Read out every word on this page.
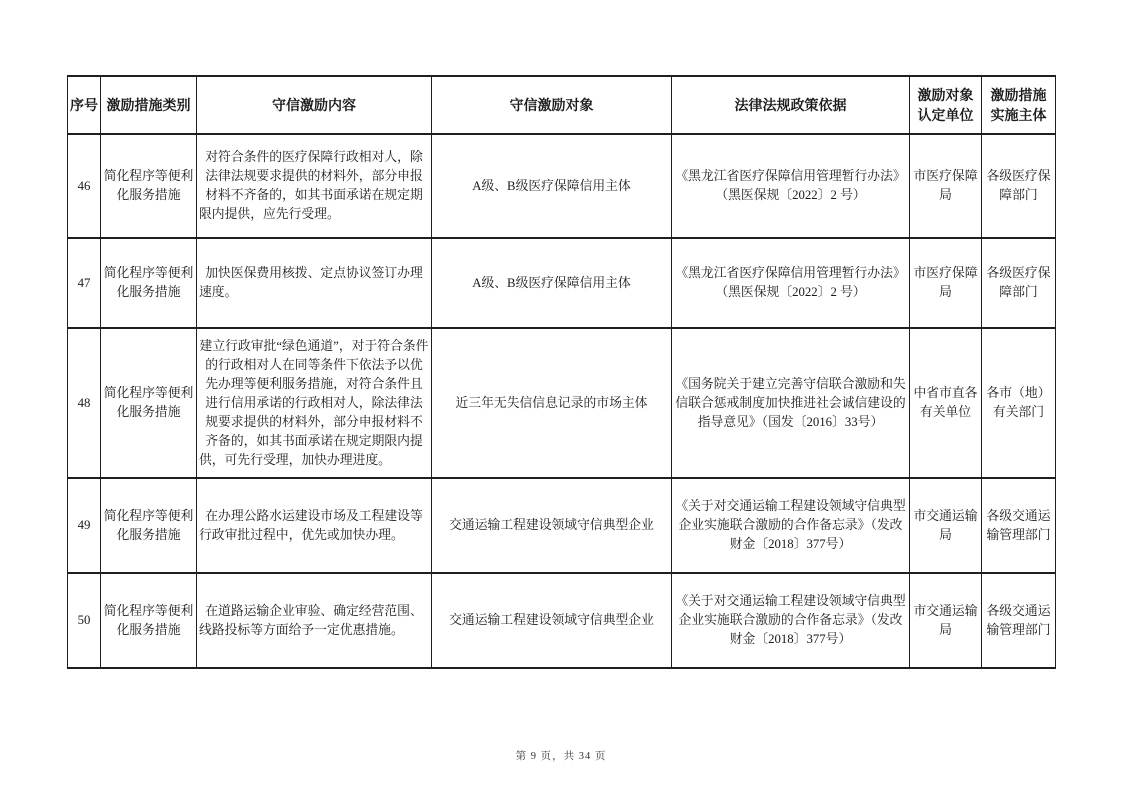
序号	激励措施类别	守信激励内容	守信激励对象	法律法规政策依据	激励对象认定单位	激励措施实施主体
46	简化程序等便利化服务措施	对符合条件的医疗保障行政相对人，除法律法规要求提供的材料外，部分申报材料不齐备的，如其书面承诺在规定期限内提供，应先行受理。	A级、B级医疗保障信用主体	《黑龙江省医疗保障信用管理暂行办法》（黑医保规〔2022〕2 号）	市医疗保障局	各级医疗保障部门
47	简化程序等便利化服务措施	加快医保费用核拨、定点协议签订办理速度。	A级、B级医疗保障信用主体	《黑龙江省医疗保障信用管理暂行办法》（黑医保规〔2022〕2 号）	市医疗保障局	各级医疗保障部门
48	简化程序等便利化服务措施	建立行政审批“绿色通道”，对于符合条件的行政相对人在同等条件下依法予以优先办理等便利服务措施，对符合条件且进行信用承诺的行政相对人，除法律法规要求提供的材料外，部分申报材料不齐备的，如其书面承诺在规定期限内提供，可先行受理，加快办理进度。	近三年无失信信息记录的市场主体	《国务院关于建立完善守信联合激励和失信联合惩戒制度加快推进社会诚信建设的指导意见》（国发〔2016〕33号）	中省市直各有关单位	各市（地）有关部门
49	简化程序等便利化服务措施	在办理公路水运建设市场及工程建设等行政审批过程中，优先或加快办理。	交通运输工程建设领域守信典型企业	《关于对交通运输工程建设领域守信典型企业实施联合激励的合作备忘录》（发改财金〔2018〕377号）	市交通运输局	各级交通运输管理部门
50	简化程序等便利化服务措施	在道路运输企业审验、确定经营范围、线路投标等方面给予一定优惠措施。	交通运输工程建设领域守信典型企业	《关于对交通运输工程建设领域守信典型企业实施联合激励的合作备忘录》（发改财金〔2018〕377号）	市交通运输局	各级交通运输管理部门
第 9 页，共 34 页
